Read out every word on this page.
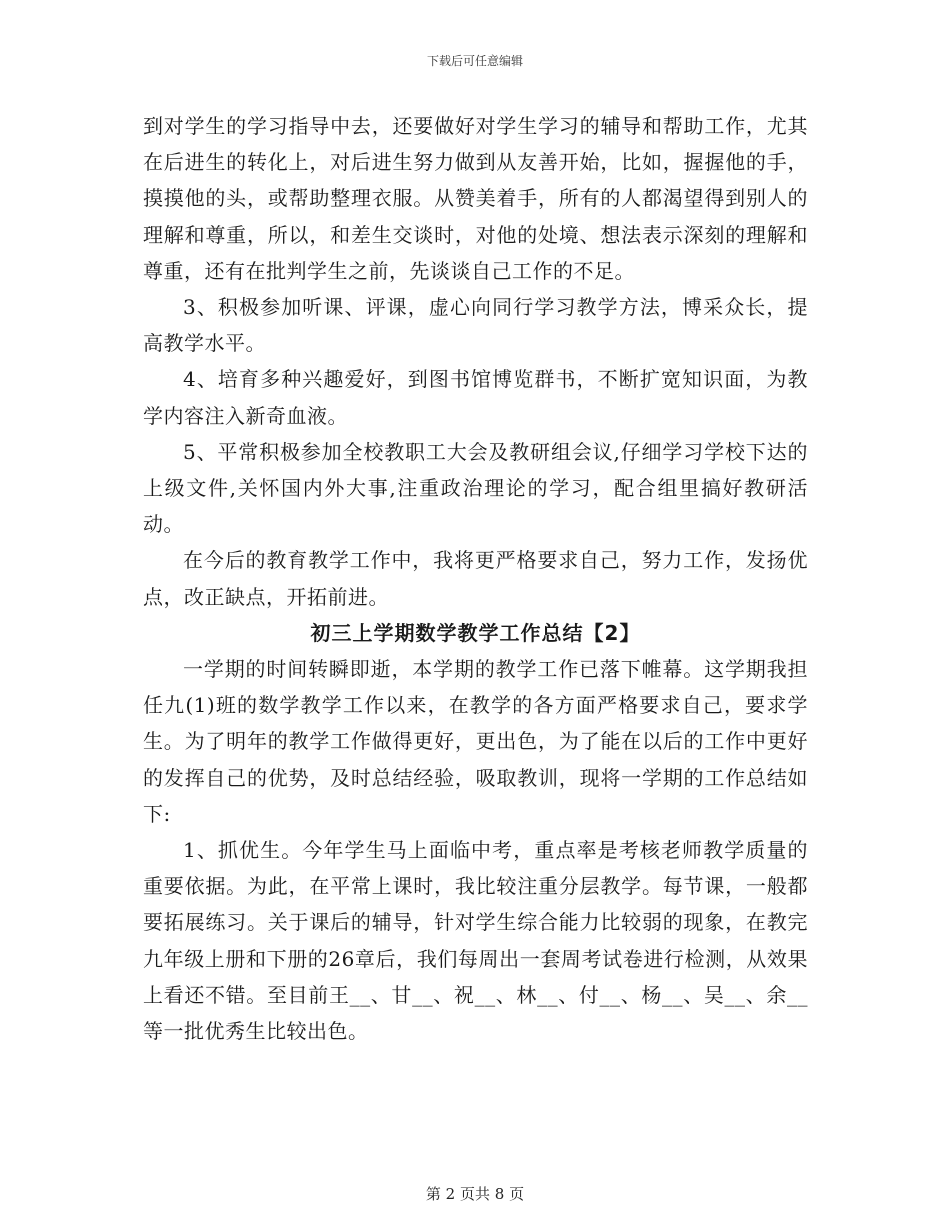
下载后可任意编辑

到对学生的学习指导中去，还要做好对学生学习的辅导和帮助工作，尤其在后进生的转化上，对后进生努力做到从友善开始，比如，握握他的手，摸摸他的头，或帮助整理衣服。从赞美着手，所有的人都渴望得到别人的理解和尊重，所以，和差生交谈时，对他的处境、想法表示深刻的理解和尊重，还有在批判学生之前，先谈谈自己工作的不足。

3、积极参加听课、评课，虚心向同行学习教学方法，博采众长，提高教学水平。

4、培育多种兴趣爱好，到图书馆博览群书，不断扩宽知识面，为教学内容注入新奇血液。

5、平常积极参加全校教职工大会及教研组会议,仔细学习学校下达的上级文件,关怀国内外大事,注重政治理论的学习，配合组里搞好教研活动。

在今后的教育教学工作中，我将更严格要求自己，努力工作，发扬优点，改正缺点，开拓前进。

初三上学期数学教学工作总结【2】

一学期的时间转瞬即逝，本学期的教学工作已落下帷幕。这学期我担任九(1)班的数学教学工作以来，在教学的各方面严格要求自己，要求学生。为了明年的教学工作做得更好，更出色，为了能在以后的工作中更好的发挥自己的优势，及时总结经验，吸取教训，现将一学期的工作总结如下:

1、抓优生。今年学生马上面临中考，重点率是考核老师教学质量的重要依据。为此，在平常上课时，我比较注重分层教学。每节课，一般都要拓展练习。关于课后的辅导，针对学生综合能力比较弱的现象，在教完九年级上册和下册的26章后，我们每周出一套周考试卷进行检测，从效果上看还不错。至目前王__、甘__、祝__、林__、付__、杨__、吴__、余__等一批优秀生比较出色。

第 2 页共 8 页
